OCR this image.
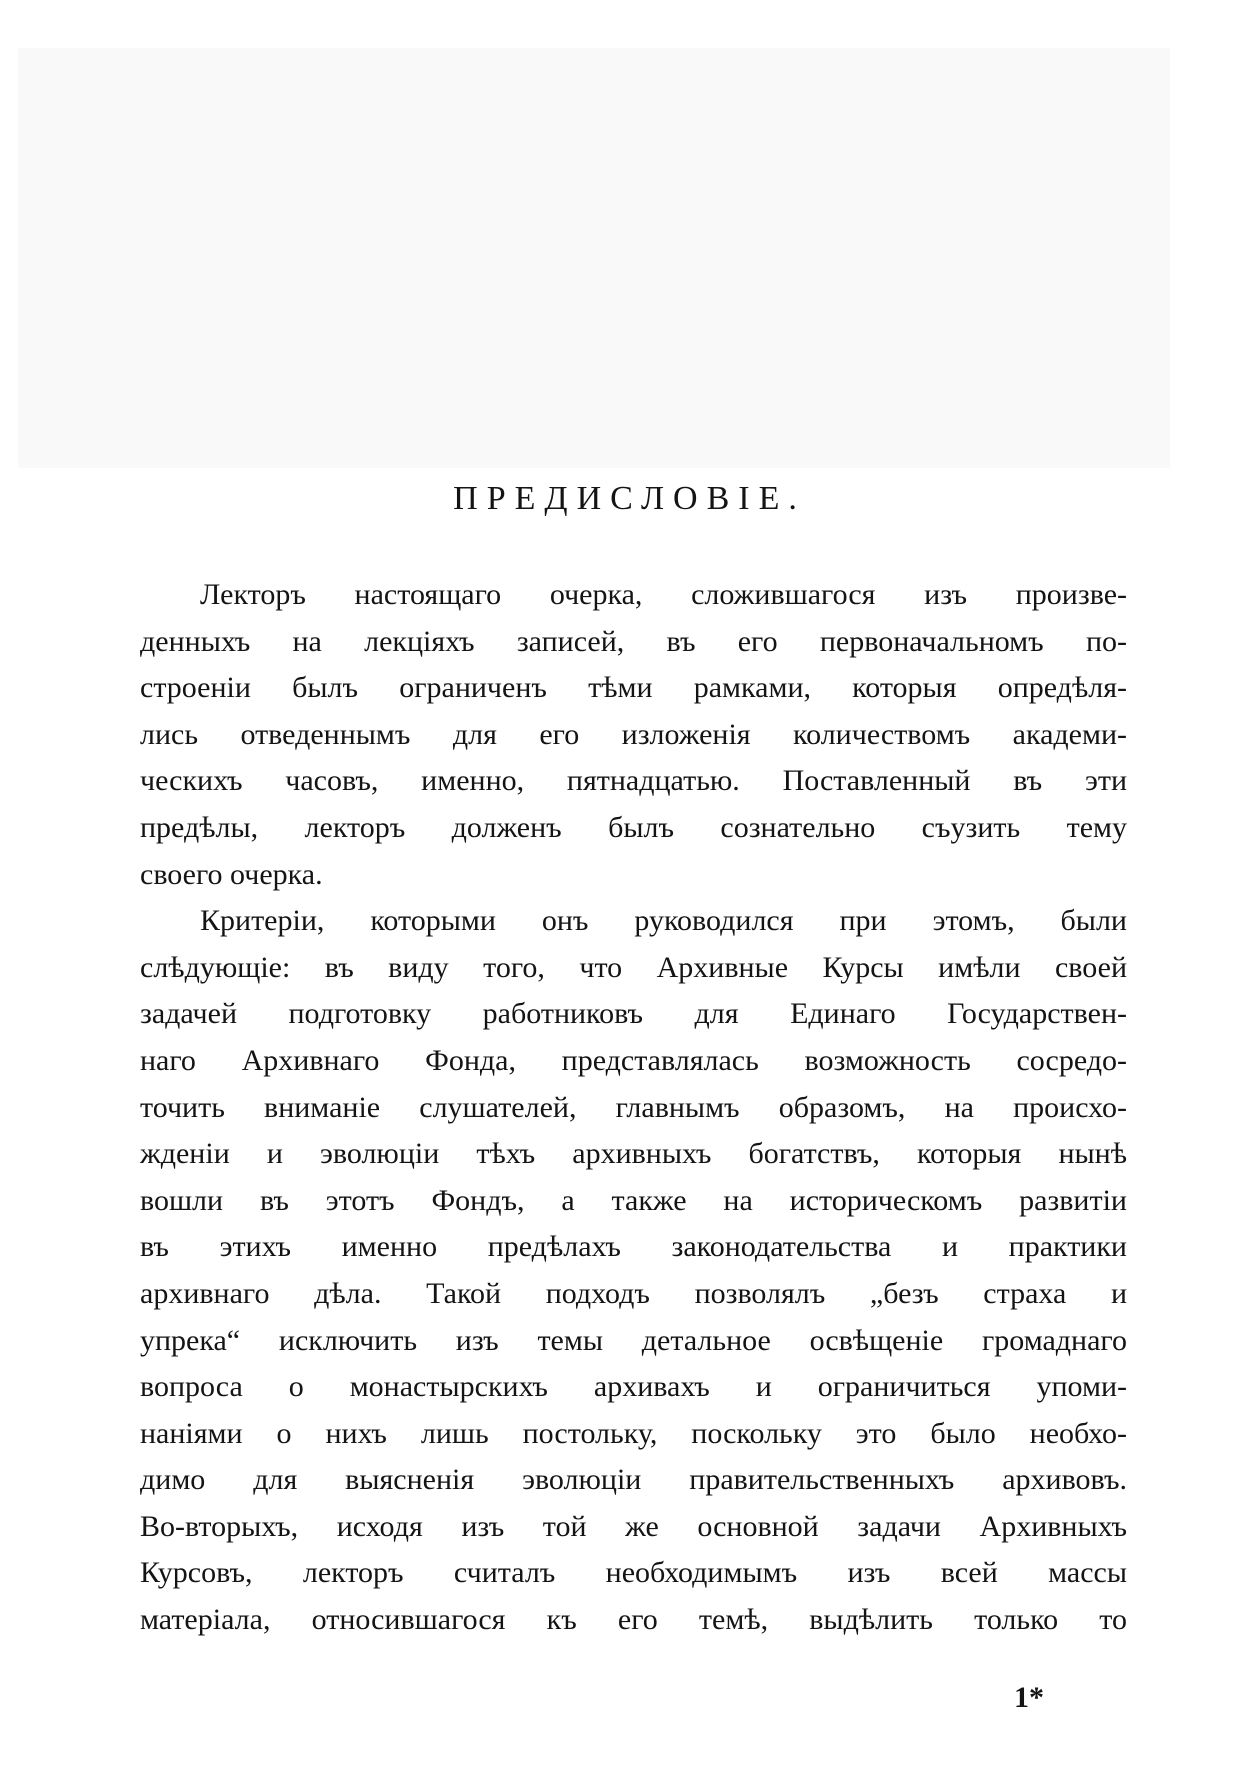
ПРЕДИСЛОВІЕ.
Лекторъ настоящаго очерка, сложившагося изъ произве-
денныхъ на лекціяхъ записей, въ его первоначальномъ по-
строеніи былъ ограниченъ тѣми рамками, которыя опредѣля-
лись отведеннымъ для его изложенія количествомъ академи-
ческихъ часовъ, именно, пятнадцатью. Поставленный въ эти
предѣлы, лекторъ долженъ былъ сознательно съузить тему
своего очерка.
Критеріи, которыми онъ руководился при этомъ, были
слѣдующіе: въ виду того, что Архивные Курсы имѣли своей
задачей подготовку работниковъ для Единаго Государствен-
наго Архивнаго Фонда, представлялась возможность сосредо-
точить вниманіе слушателей, главнымъ образомъ, на происхо-
жденіи и эволюціи тѣхъ архивныхъ богатствъ, которыя нынѣ
вошли въ этотъ Фондъ, а также на историческомъ развитіи
въ этихъ именно предѣлахъ законодательства и практики
архивнаго дѣла. Такой подходъ позволялъ „безъ страха и
упрека“ исключить изъ темы детальное освѣщеніе громаднаго
вопроса о монастырскихъ архивахъ и ограничиться упоми-
наніями о нихъ лишь постольку, поскольку это было необхо-
димо для выясненія эволюціи правительственныхъ архивовъ.
Во-вторыхъ, исходя изъ той же основной задачи Архивныхъ
Курсовъ, лекторъ считалъ необходимымъ изъ всей массы
матеріала, относившагося къ его темѣ, выдѣлить только то
1*
